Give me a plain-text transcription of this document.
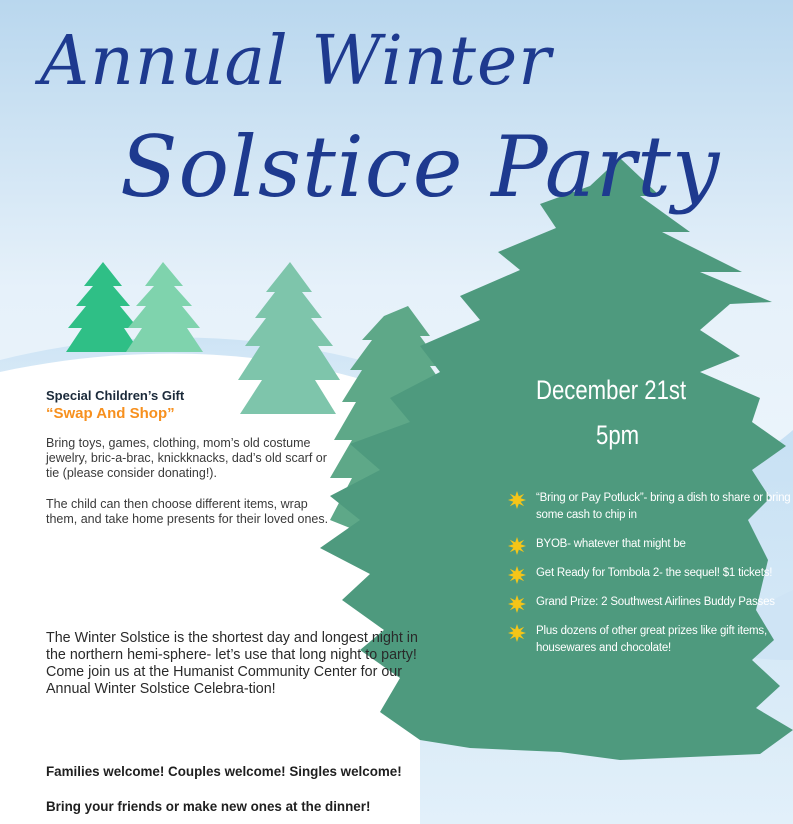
Annual Winter
Solstice Party
Special Children’s Gift
“Swap And Shop”

Bring toys, games, clothing, mom’s old costume jewelry, bric-a-brac, knickknacks, dad’s old scarf or tie (please consider donating!).

The child can then choose different items, wrap them, and take home presents for their loved ones.

The Winter Solstice is the shortest day and longest night in the northern hemi-sphere- let’s use that long night to party! Come join us at the Humanist Community Center for our Annual Winter Solstice Celebra-tion!

Families welcome! Couples welcome! Singles welcome!

Bring your friends or make new ones at the dinner!

December 21st

5pm

“Bring or Pay Potluck”- bring a dish to share or bring some cash to chip in
BYOB- whatever that might be
Get Ready for Tombola 2- the sequel! $1 tickets!
Grand Prize: 2 Southwest Airlines Buddy Passes
Plus dozens of other great prizes like gift items, housewares and chocolate!
